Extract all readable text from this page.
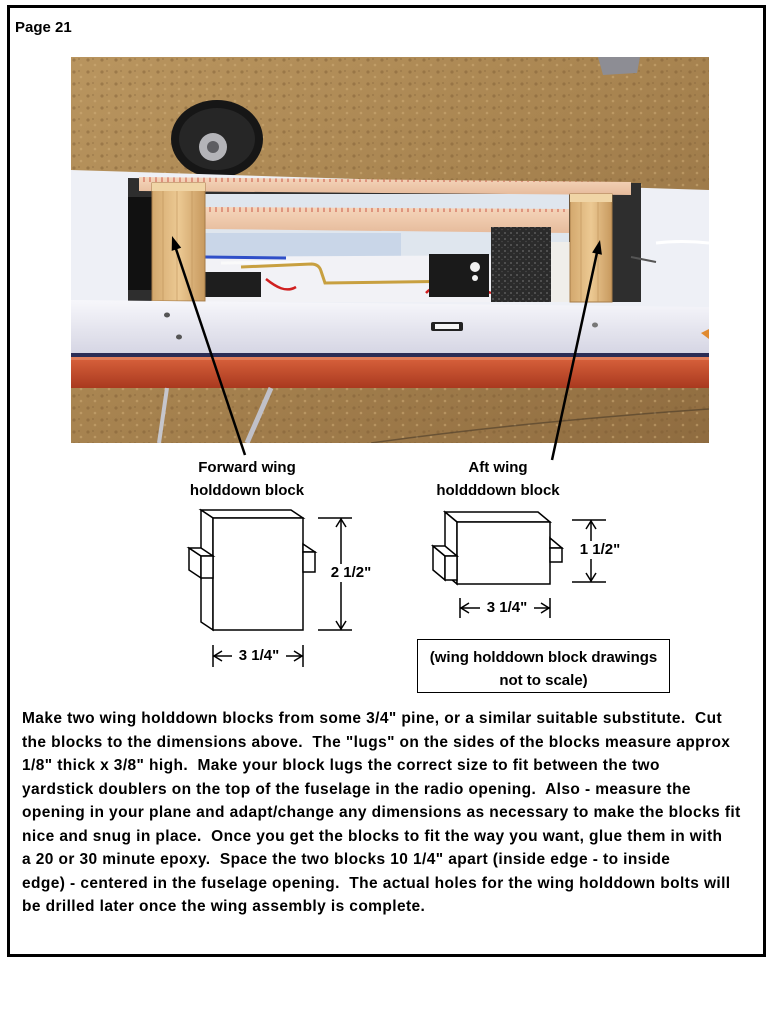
Page 21
Forward wing
holddown block
Aft wing
holdddown block
2 1/2"
3 1/4"
1 1/2"
3 1/4"
(wing holddown block drawings
not to scale)
Make two wing holddown blocks from some 3/4" pine, or a similar suitable substitute.  Cut
the blocks to the dimensions above.  The "lugs" on the sides of the blocks measure approx
1/8" thick x 3/8" high.  Make your block lugs the correct size to fit between the two
yardstick doublers on the top of the fuselage in the radio opening.  Also - measure the
opening in your plane and adapt/change any dimensions as necessary to make the blocks fit
nice and snug in place.  Once you get the blocks to fit the way you want, glue them in with
a 20 or 30 minute epoxy.  Space the two blocks 10 1/4" apart (inside edge - to inside
edge) - centered in the fuselage opening.  The actual holes for the wing holddown bolts will
be drilled later once the wing assembly is complete.
